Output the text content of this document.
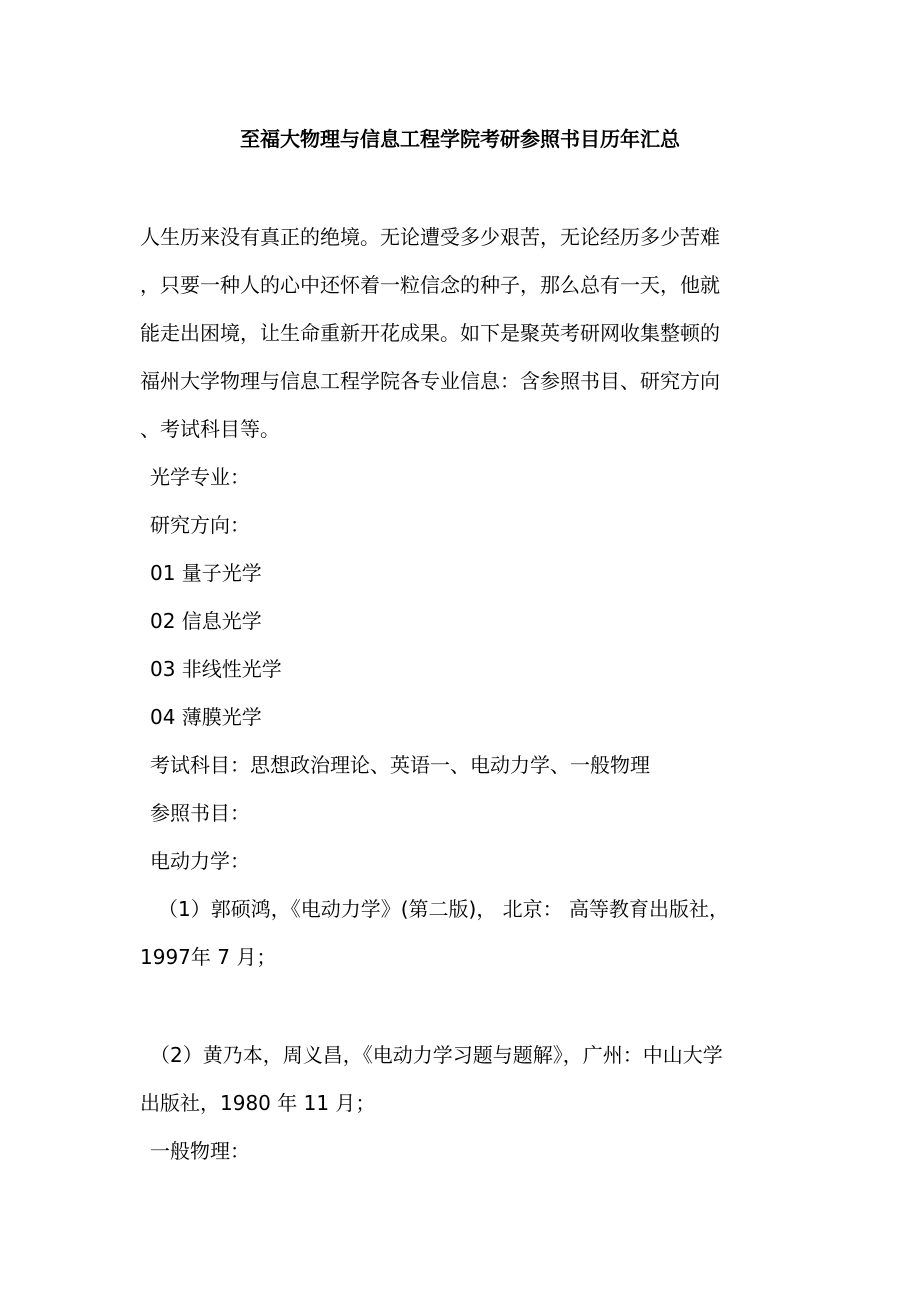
至福大物理与信息工程学院考研参照书目历年汇总
人生历来没有真正的绝境。无论遭受多少艰苦，无论经历多少苦难
，只要一种人的心中还怀着一粒信念的种子，那么总有一天，他就
能走出困境，让生命重新开花成果。如下是聚英考研网收集整顿的
福州大学物理与信息工程学院各专业信息：含参照书目、研究方向
、考试科目等。
光学专业：
研究方向：
01 量子光学
02 信息光学
03 非线性光学
04 薄膜光学
考试科目：思想政治理论、英语一、电动力学、一般物理
参照书目：
电动力学：
（1）郭硕鸿，《电动力学》(第二版)， 北京： 高等教育出版社，
1997年 7 月；
（2）黄乃本，周义昌，《电动力学习题与题解》，广州：中山大学
出版社，1980 年 11 月；
一般物理：
